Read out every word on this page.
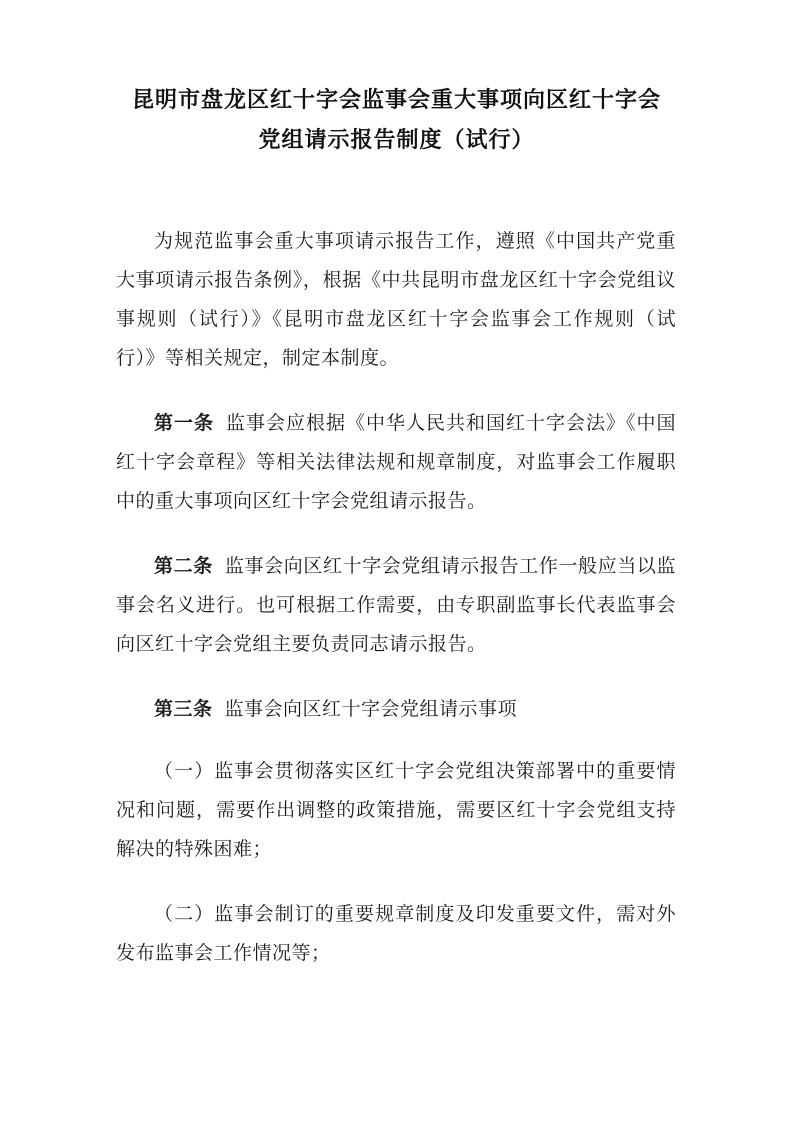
昆明市盘龙区红十字会监事会重大事项向区红十字会
党组请示报告制度（试行）

为规范监事会重大事项请示报告工作，遵照《中国共产党重大事项请示报告条例》，根据《中共昆明市盘龙区红十字会党组议事规则（试行）》《昆明市盘龙区红十字会监事会工作规则（试行）》等相关规定，制定本制度。

第一条 监事会应根据《中华人民共和国红十字会法》《中国红十字会章程》等相关法律法规和规章制度，对监事会工作履职中的重大事项向区红十字会党组请示报告。

第二条 监事会向区红十字会党组请示报告工作一般应当以监事会名义进行。也可根据工作需要，由专职副监事长代表监事会向区红十字会党组主要负责同志请示报告。

第三条 监事会向区红十字会党组请示事项

（一）监事会贯彻落实区红十字会党组决策部署中的重要情况和问题，需要作出调整的政策措施，需要区红十字会党组支持解决的特殊困难；

（二）监事会制订的重要规章制度及印发重要文件，需对外发布监事会工作情况等；
